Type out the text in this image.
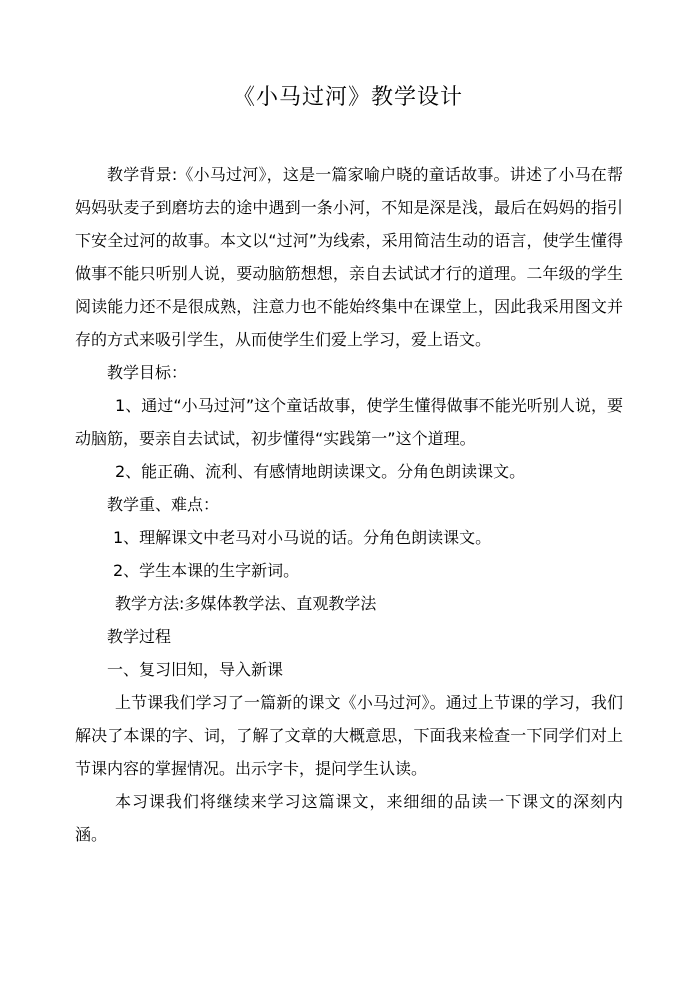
《小马过河》教学设计

教学背景:《小马过河》，这是一篇家喻户晓的童话故事。讲述了小马在帮妈妈驮麦子到磨坊去的途中遇到一条小河，不知是深是浅，最后在妈妈的指引下安全过河的故事。本文以“过河”为线索，采用简洁生动的语言，使学生懂得做事不能只听别人说，要动脑筋想想，亲自去试试才行的道理。二年级的学生阅读能力还不是很成熟，注意力也不能始终集中在课堂上，因此我采用图文并存的方式来吸引学生，从而使学生们爱上学习，爱上语文。

教学目标：

1、通过“小马过河”这个童话故事，使学生懂得做事不能光听别人说，要动脑筋，要亲自去试试，初步懂得“实践第一”这个道理。

2、能正确、流利、有感情地朗读课文。分角色朗读课文。

教学重、难点：

1、理解课文中老马对小马说的话。分角色朗读课文。

2、学生本课的生字新词。

教学方法:多媒体教学法、直观教学法

教学过程

一、复习旧知，导入新课

上节课我们学习了一篇新的课文《小马过河》。通过上节课的学习，我们解决了本课的字、词，了解了文章的大概意思，下面我来检查一下同学们对上节课内容的掌握情况。出示字卡，提问学生认读。

本习课我们将继续来学习这篇课文，来细细的品读一下课文的深刻内涵。
